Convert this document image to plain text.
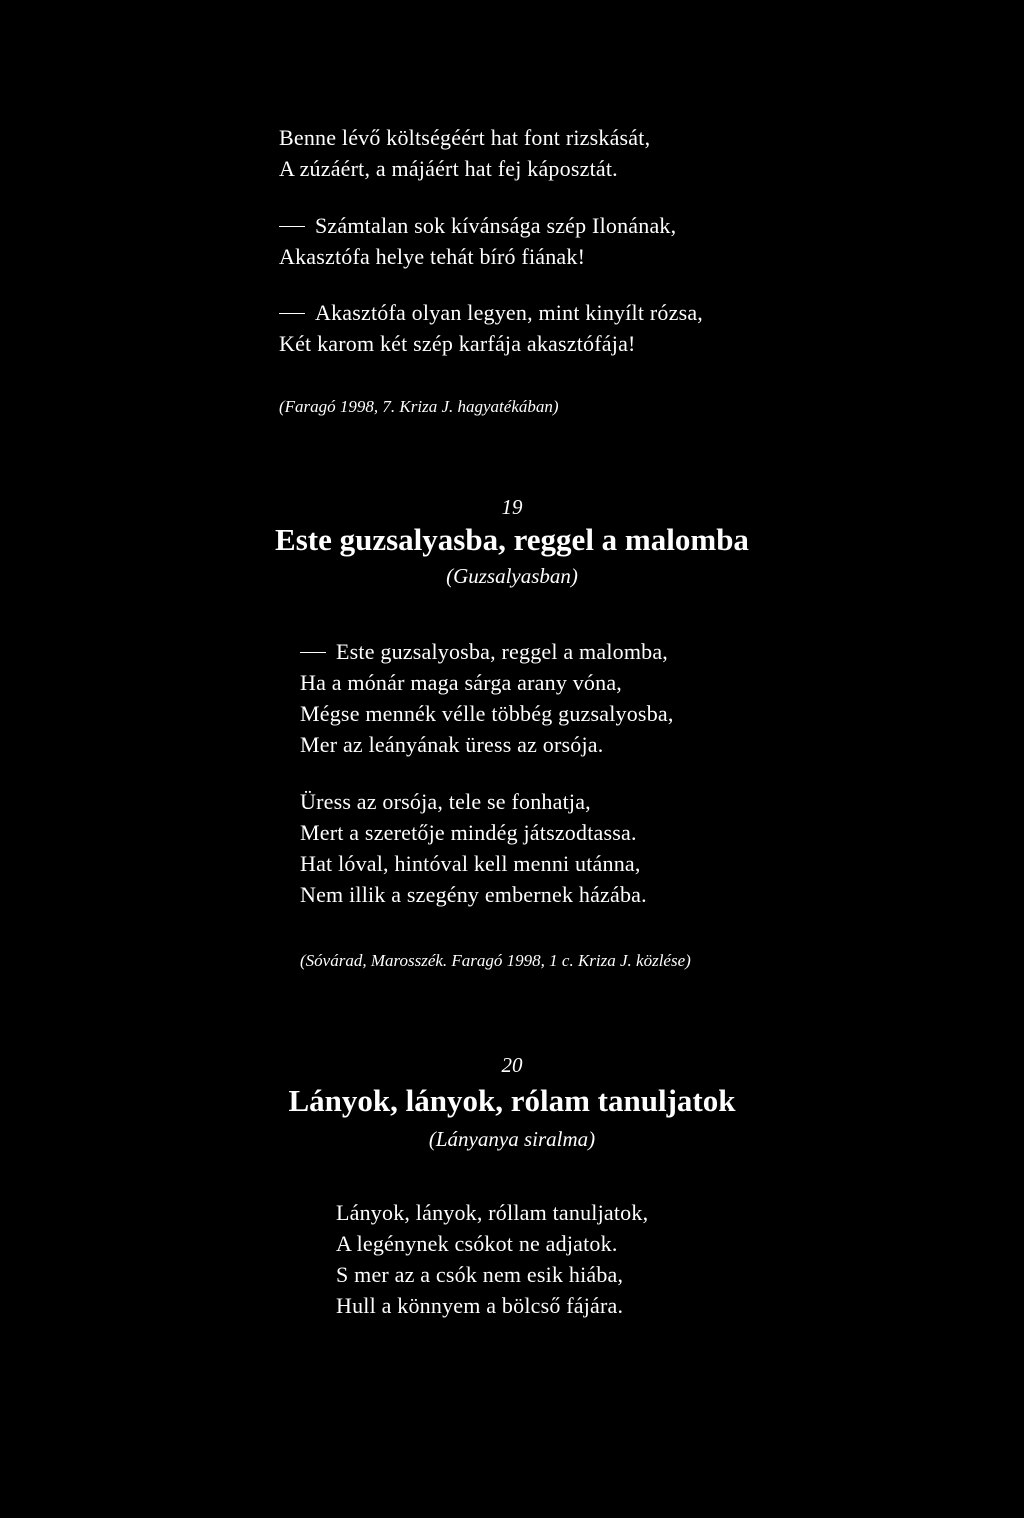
Benne lévő költségéért hat font rizskását,
A zúzáért, a májáért hat fej káposztát.
Számtalan sok kívánsága szép Ilonának,
Akasztófa helye tehát bíró fiának!
Akasztófa olyan legyen, mint kinyílt rózsa,
Két karom két szép karfája akasztófája!
(Faragó 1998, 7. Kriza J. hagyatékában)
19
Este guzsalyasba, reggel a malomba
(Guzsalyasban)
Este guzsalyosba, reggel a malomba,
Ha a mónár maga sárga arany vóna,
Mégse mennék vélle többég guzsalyosba,
Mer az leányának üress az orsója.
Üress az orsója, tele se fonhatja,
Mert a szeretője mindég játszodtassa.
Hat lóval, hintóval kell menni utánna,
Nem illik a szegény embernek házába.
(Sóvárad, Marosszék. Faragó 1998, 1 c. Kriza J. közlése)
20
Lányok, lányok, rólam tanuljatok
(Lányanya siralma)
Lányok, lányok, róllam tanuljatok,
A legénynek csókot ne adjatok.
S mer az a csók nem esik hiába,
Hull a könnyem a bölcső fájára.
